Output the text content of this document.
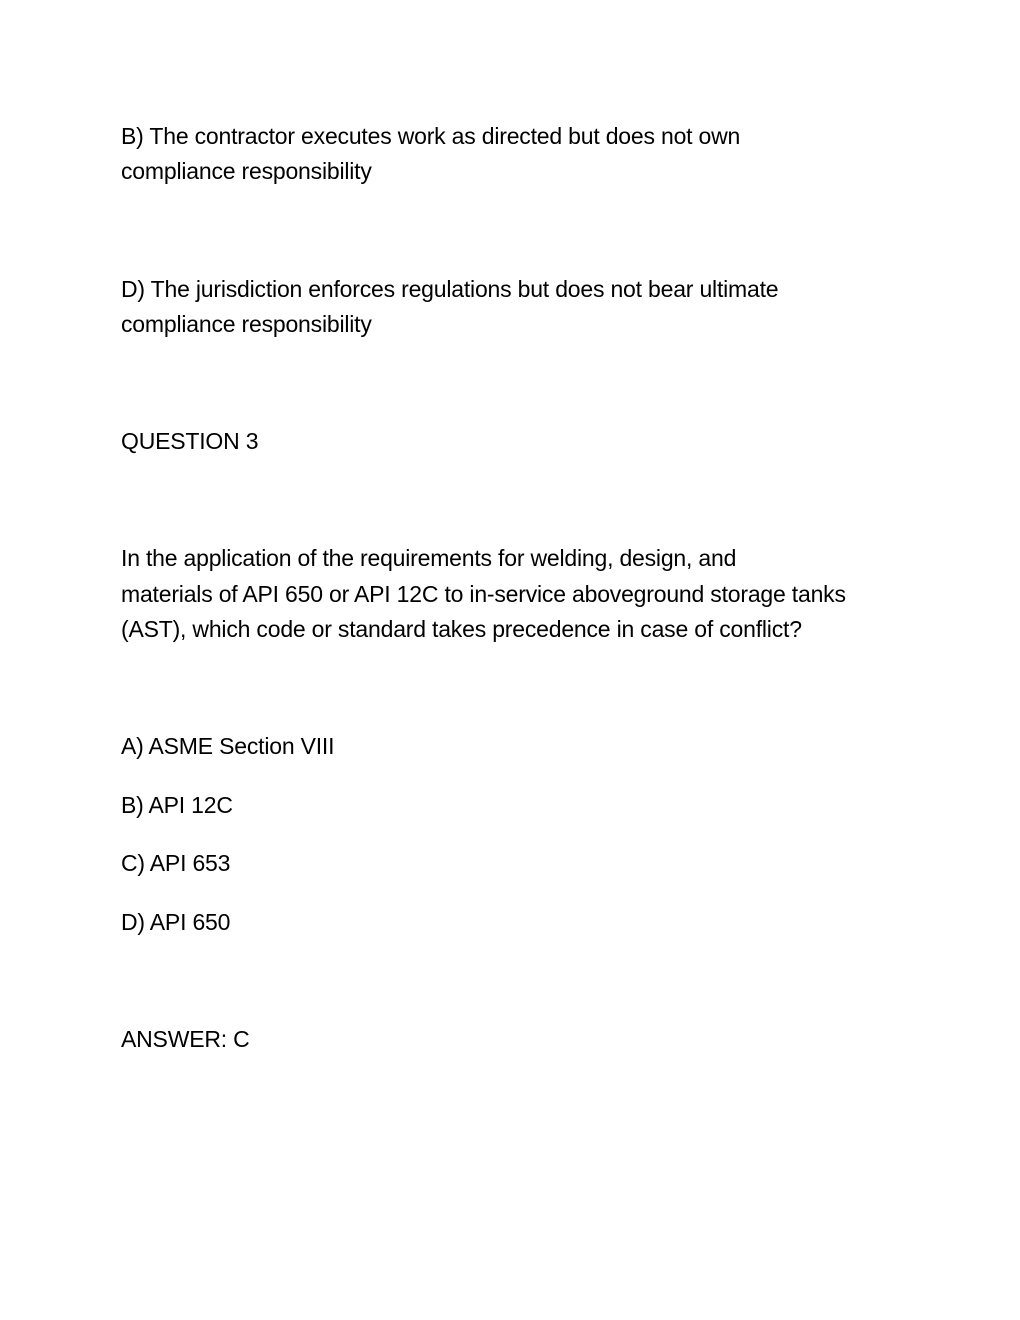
B) The contractor executes work as directed but does not own
compliance responsibility
D) The jurisdiction enforces regulations but does not bear ultimate
compliance responsibility
QUESTION 3
In the application of the requirements for welding, design, and
materials of API 650 or API 12C to in-service aboveground storage tanks
(AST), which code or standard takes precedence in case of conflict?
A) ASME Section VIII
B) API 12C
C) API 653
D) API 650
ANSWER: C
